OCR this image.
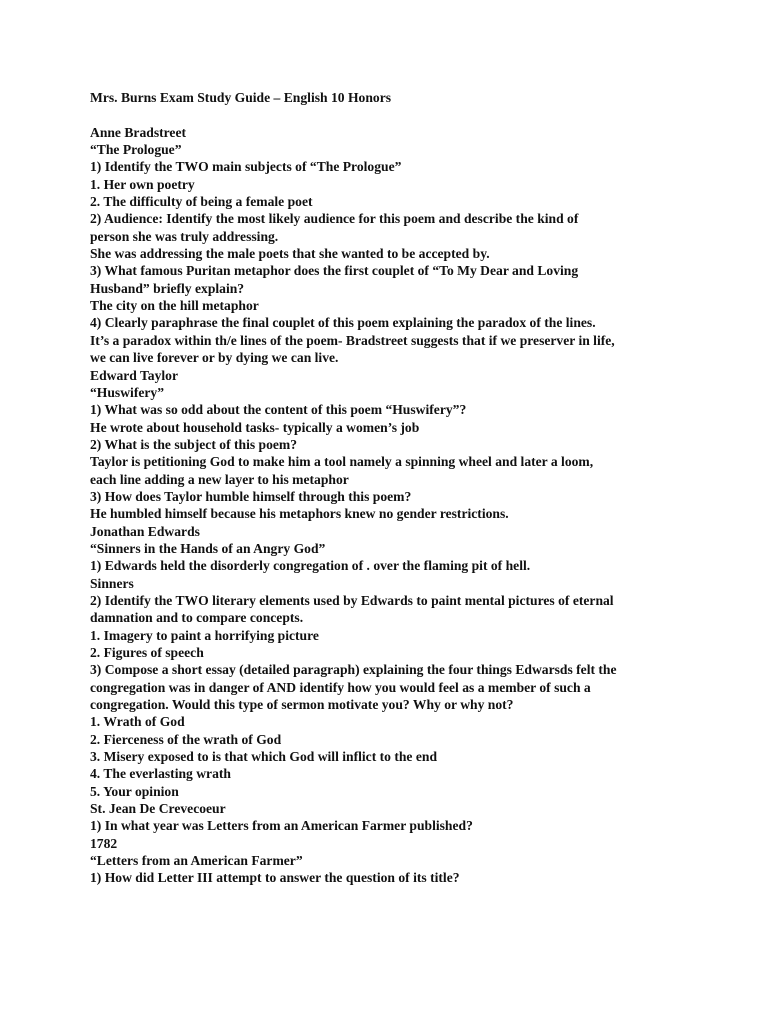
Mrs. Burns Exam Study Guide – English 10 Honors
Anne Bradstreet
“The Prologue”
1) Identify the TWO main subjects of “The Prologue”
1. Her own poetry
2. The difficulty of being a female poet
2) Audience: Identify the most likely audience for this poem and describe the kind of
person she was truly addressing.
She was addressing the male poets that she wanted to be accepted by.
3) What famous Puritan metaphor does the first couplet of “To My Dear and Loving
Husband” briefly explain?
The city on the hill metaphor
4) Clearly paraphrase the final couplet of this poem explaining the paradox of the lines.
It’s a paradox within th/e lines of the poem- Bradstreet suggests that if we preserver in life,
we can live forever or by dying we can live.
Edward Taylor
“Huswifery”
1) What was so odd about the content of this poem “Huswifery”?
He wrote about household tasks- typically a women’s job
2) What is the subject of this poem?
Taylor is petitioning God to make him a tool namely a spinning wheel and later a loom,
each line adding a new layer to his metaphor
3) How does Taylor humble himself through this poem?
He humbled himself because his metaphors knew no gender restrictions.
Jonathan Edwards
“Sinners in the Hands of an Angry God”
1) Edwards held the disorderly congregation of . over the flaming pit of hell.
Sinners
2) Identify the TWO literary elements used by Edwards to paint mental pictures of eternal
damnation and to compare concepts.
1. Imagery to paint a horrifying picture
2. Figures of speech
3) Compose a short essay (detailed paragraph) explaining the four things Edwarsds felt the
congregation was in danger of AND identify how you would feel as a member of such a
congregation. Would this type of sermon motivate you? Why or why not?
1. Wrath of God
2. Fierceness of the wrath of God
3. Misery exposed to is that which God will inflict to the end
4. The everlasting wrath
5. Your opinion
St. Jean De Crevecoeur
1) In what year was Letters from an American Farmer published?
1782
“Letters from an American Farmer”
1) How did Letter III attempt to answer the question of its title?
